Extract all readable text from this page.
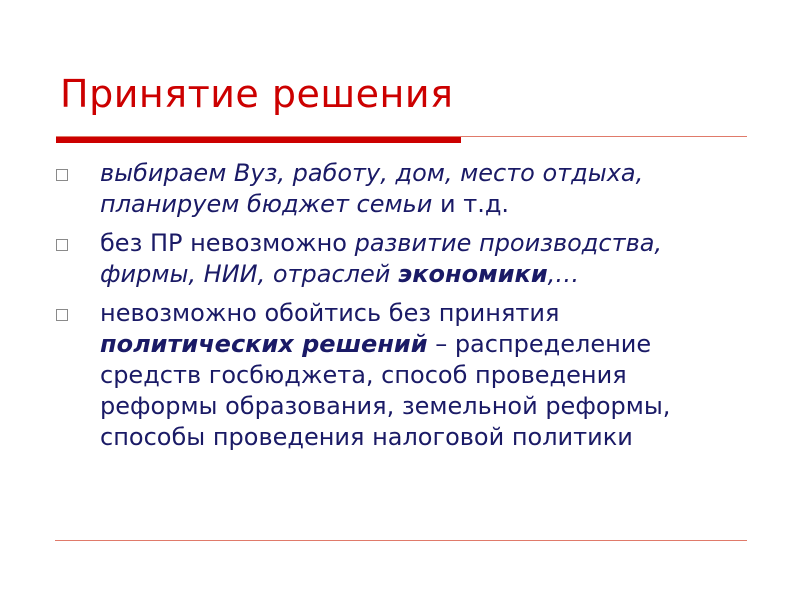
Принятие решения
выбираем Вуз, работу, дом, место отдыха, планируем бюджет семьи и т.д.
без ПР невозможно развитие производства, фирмы, НИИ, отраслей экономики,…
невозможно обойтись без принятия политических решений – распределение средств госбюджета, способ проведения реформы образования, земельной реформы, способы проведения налоговой политики
